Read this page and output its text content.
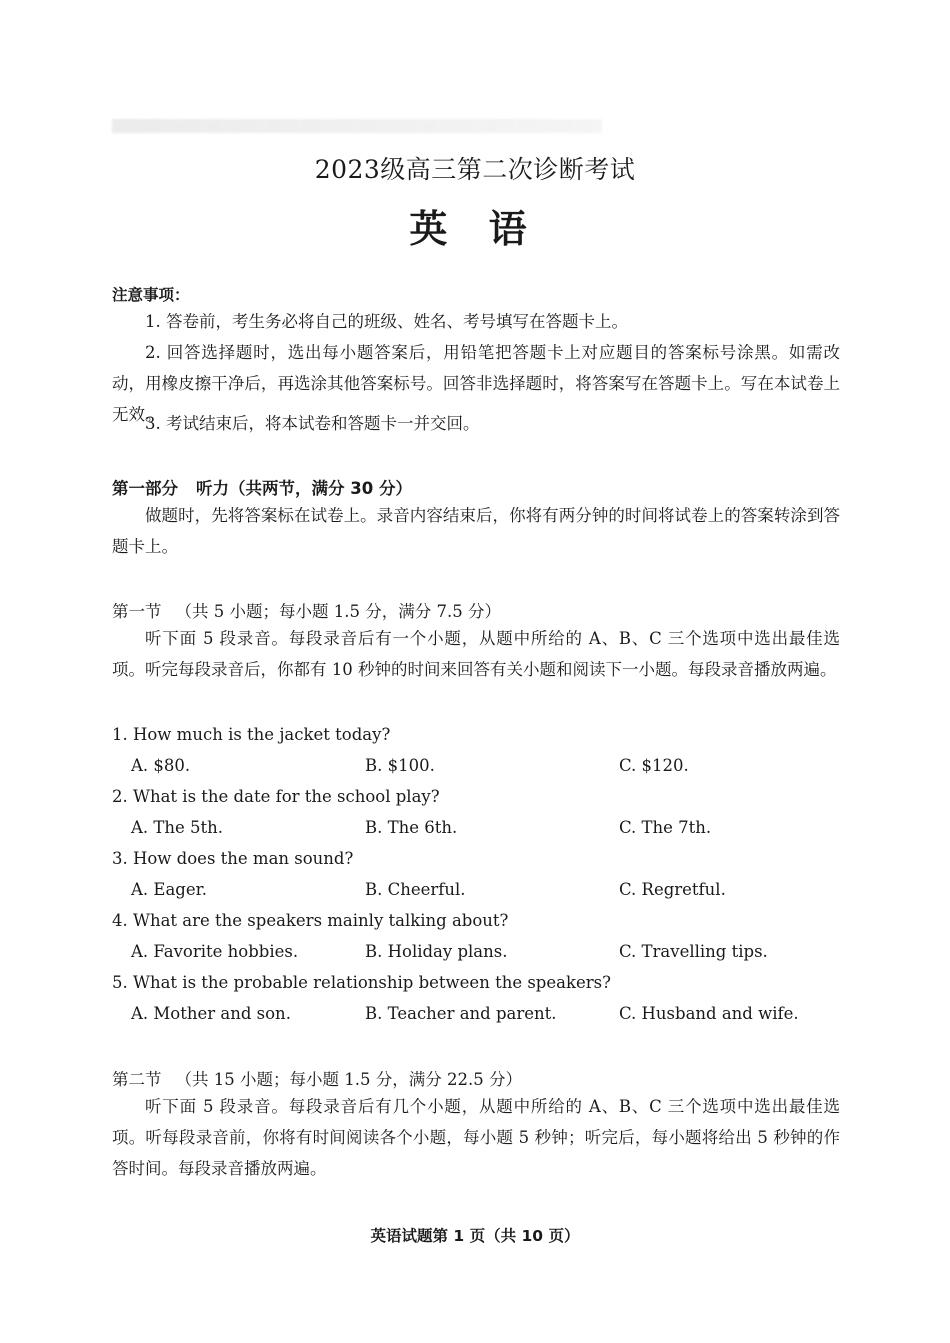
2023级高三第二次诊断考试
英 语
注意事项：
1. 答卷前，考生务必将自己的班级、姓名、考号填写在答题卡上。
2. 回答选择题时，选出每小题答案后，用铅笔把答题卡上对应题目的答案标号涂黑。如需改动，用橡皮擦干净后，再选涂其他答案标号。回答非选择题时，将答案写在答题卡上。写在本试卷上无效。
3. 考试结束后，将本试卷和答题卡一并交回。
第一部分 听力（共两节，满分 30 分）
做题时，先将答案标在试卷上。录音内容结束后，你将有两分钟的时间将试卷上的答案转涂到答题卡上。
第一节 （共 5 小题；每小题 1.5 分，满分 7.5 分）
听下面 5 段录音。每段录音后有一个小题，从题中所给的 A、B、C 三个选项中选出最佳选项。听完每段录音后，你都有 10 秒钟的时间来回答有关小题和阅读下一小题。每段录音播放两遍。
1. How much is the jacket today?
A. $80.	B. $100.	C. $120.
2. What is the date for the school play?
A. The 5th.	B. The 6th.	C. The 7th.
3. How does the man sound?
A. Eager.	B. Cheerful.	C. Regretful.
4. What are the speakers mainly talking about?
A. Favorite hobbies.	B. Holiday plans.	C. Travelling tips.
5. What is the probable relationship between the speakers?
A. Mother and son.	B. Teacher and parent.	C. Husband and wife.
第二节 （共 15 小题；每小题 1.5 分，满分 22.5 分）
听下面 5 段录音。每段录音后有几个小题，从题中所给的 A、B、C 三个选项中选出最佳选项。听每段录音前，你将有时间阅读各个小题，每小题 5 秒钟；听完后，每小题将给出 5 秒钟的作答时间。每段录音播放两遍。
英语试题第 1 页（共 10 页）
